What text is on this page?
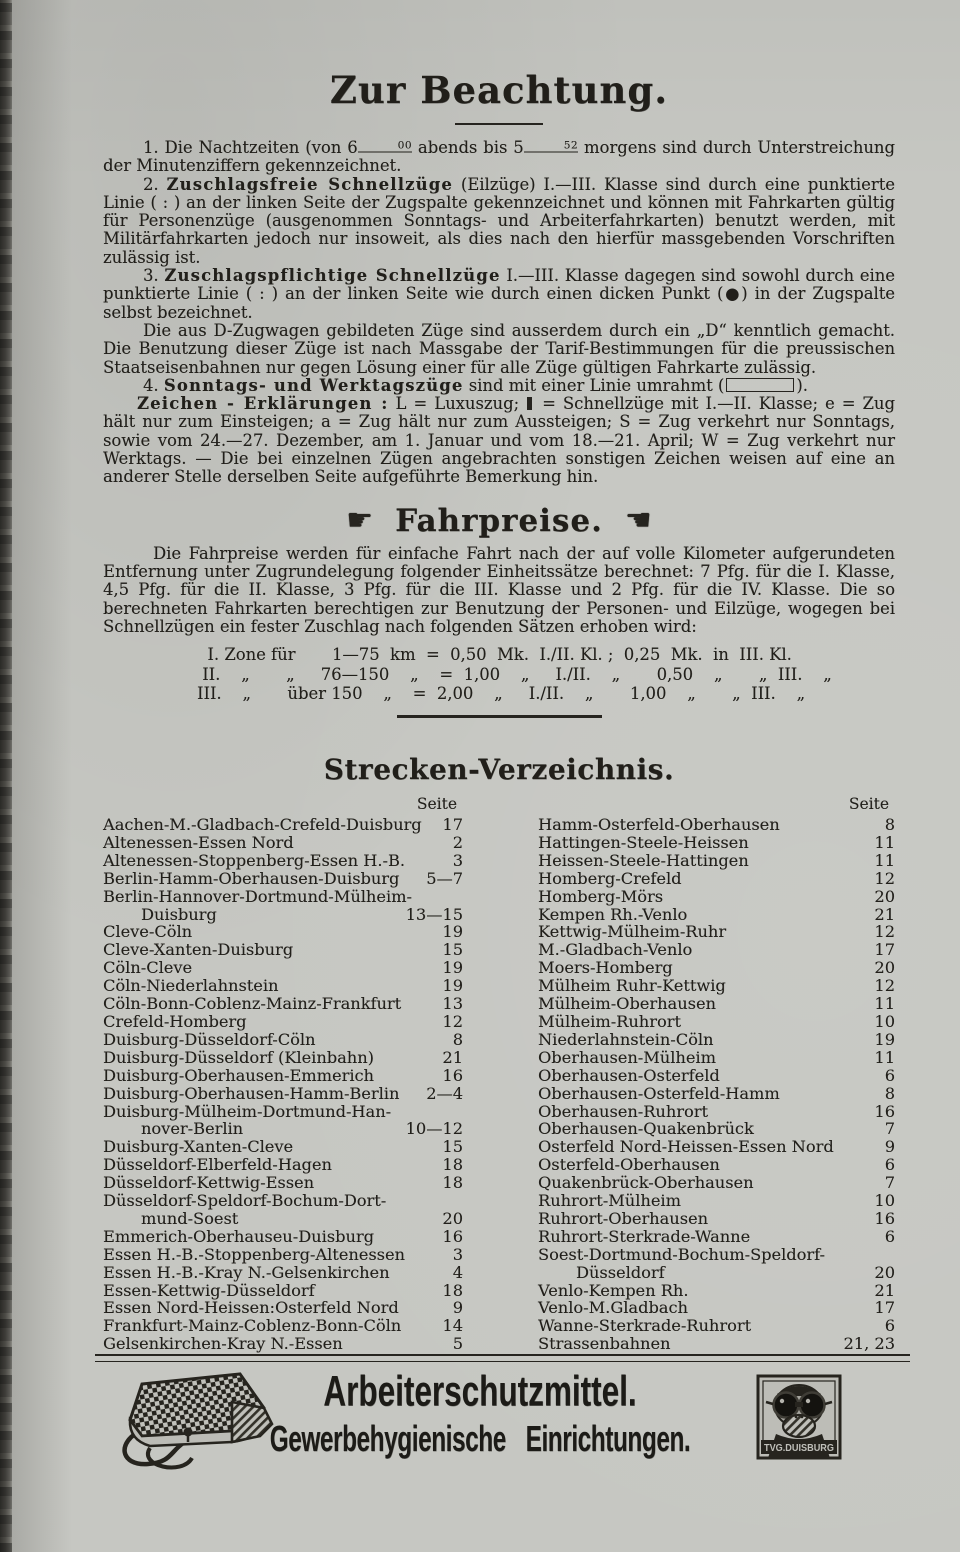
Zur Beachtung.

1. Die Nachtzeiten (von 6	00 abends bis 5	52 morgens sind durch Unterstreichung der Minutenziffern gekennzeichnet.

2. Zuschlagsfreie Schnellzüge (Eilzüge) I.—III. Klasse sind durch eine punktierte Linie ( : ) an der linken Seite der Zugspalte gekennzeichnet und können mit Fahrkarten gültig für Personenzüge (ausgenommen Sonntags- und Arbeiterfahrkarten) benutzt werden, mit Militärfahrkarten jedoch nur insoweit, als dies nach den hierfür massgebenden Vorschriften zulässig ist.

3. Zuschlagspflichtige Schnellzüge I.—III. Klasse dagegen sind sowohl durch eine punktierte Linie ( : ) an der linken Seite wie durch einen dicken Punkt (●) in der Zugspalte selbst bezeichnet.

Die aus D-Zugwagen gebildeten Züge sind ausserdem durch ein „D“ kenntlich gemacht. Die Benutzung dieser Züge ist nach Massgabe der Tarif-Bestimmungen für die preussischen Staatseisenbahnen nur gegen Lösung einer für alle Züge gültigen Fahrkarte zulässig.

4. Sonntags- und Werktagszüge sind mit einer Linie umrahmt (	).

Zeichen - Erklärungen : L = Luxuszug;  = Schnellzüge mit I.—II. Klasse; e = Zug hält nur zum Einsteigen; a = Zug hält nur zum Aussteigen; S = Zug verkehrt nur Sonntags, sowie vom 24.—27. Dezember, am 1. Januar und vom 18.—21. April; W = Zug verkehrt nur Werktags. — Die bei einzelnen Zügen angebrachten sonstigen Zeichen weisen auf eine an anderer Stelle derselben Seite aufgeführte Bemerkung hin.

☛ Fahrpreise. ☚

Die Fahrpreise werden für einfache Fahrt nach der auf volle Kilometer aufgerundeten Entfernung unter Zugrundelegung folgender Einheitssätze berechnet: 7 Pfg. für die I. Klasse, 4,5 Pfg. für die II. Klasse, 3 Pfg. für die III. Klasse und 2 Pfg. für die IV. Klasse. Die so berechneten Fahrkarten berechtigen zur Benutzung der Personen- und Eilzüge, wogegen bei Schnellzügen ein fester Zuschlag nach folgenden Sätzen erhoben wird:

I. Zone für       1—75  km  =  0,50  Mk.  I./II. Kl. ;  0,25  Mk.  in  III. Kl.
II.    „       „     76—150    „    =  1,00    „     I./II.    „       0,50    „       „  III.    „
III.    „       über 150    „    =  2,00    „     I./II.    „       1,00    „       „  III.    „
Strecken-Verzeichnis.
Seite
Aachen-M.-Gladbach-Crefeld-Duisburg	17
Altenessen-Essen Nord	2
Altenessen-Stoppenberg-Essen H.-B.	3
Berlin-Hamm-Oberhausen-Duisburg	5—7
Berlin-Hannover-Dortmund-Mülheim-
Duisburg	13—15
Cleve-Cöln	19
Cleve-Xanten-Duisburg	15
Cöln-Cleve	19
Cöln-Niederlahnstein	19
Cöln-Bonn-Coblenz-Mainz-Frankfurt	13
Crefeld-Homberg	12
Duisburg-Düsseldorf-Cöln	8
Duisburg-Düsseldorf (Kleinbahn)	21
Duisburg-Oberhausen-Emmerich	16
Duisburg-Oberhausen-Hamm-Berlin	2—4
Duisburg-Mülheim-Dortmund-Han-
nover-Berlin	10—12
Duisburg-Xanten-Cleve	15
Düsseldorf-Elberfeld-Hagen	18
Düsseldorf-Kettwig-Essen	18
Düsseldorf-Speldorf-Bochum-Dort-
mund-Soest	20
Emmerich-Oberhauseu-Duisburg	16
Essen H.-B.-Stoppenberg-Altenessen	3
Essen H.-B.-Kray N.-Gelsenkirchen	4
Essen-Kettwig-Düsseldorf	18
Essen Nord-Heissen:Osterfeld Nord	9
Frankfurt-Mainz-Coblenz-Bonn-Cöln	14
Gelsenkirchen-Kray N.-Essen	5
Seite
Hamm-Osterfeld-Oberhausen	8
Hattingen-Steele-Heissen	11
Heissen-Steele-Hattingen	11
Homberg-Crefeld	12
Homberg-Mörs	20
Kempen Rh.-Venlo	21
Kettwig-Mülheim-Ruhr	12
M.-Gladbach-Venlo	17
Moers-Homberg	20
Mülheim Ruhr-Kettwig	12
Mülheim-Oberhausen	11
Mülheim-Ruhrort	10
Niederlahnstein-Cöln	19
Oberhausen-Mülheim	11
Oberhausen-Osterfeld	6
Oberhausen-Osterfeld-Hamm	8
Oberhausen-Ruhrort	16
Oberhausen-Quakenbrück	7
Osterfeld Nord-Heissen-Essen Nord	9
Osterfeld-Oberhausen	6
Quakenbrück-Oberhausen	7
Ruhrort-Mülheim	10
Ruhrort-Oberhausen	16
Ruhrort-Sterkrade-Wanne	6
Soest-Dortmund-Bochum-Speldorf-
Düsseldorf	20
Venlo-Kempen Rh.	21
Venlo-M.Gladbach	17
Wanne-Sterkrade-Ruhrort	6
Strassenbahnen	21, 23
Arbeiterschutzmittel.
Gewerbehygienische Einrichtungen.	TVG.DUISBURG
